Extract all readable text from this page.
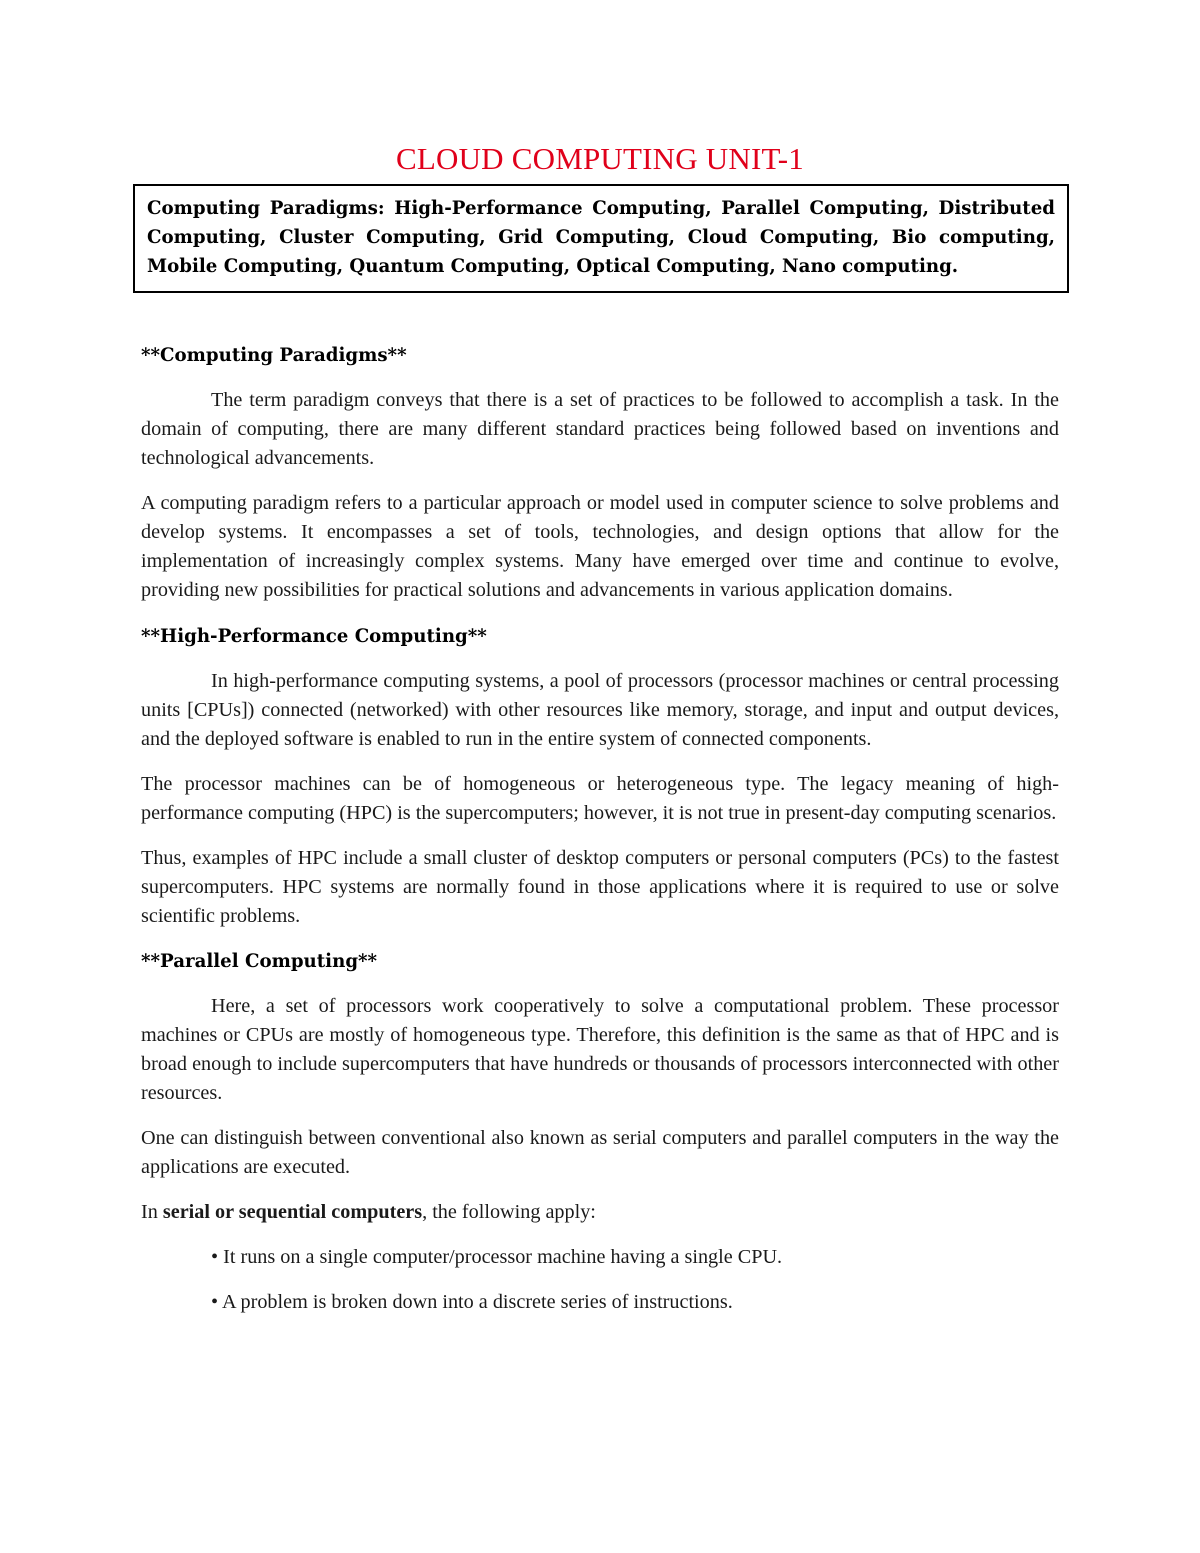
CLOUD COMPUTING UNIT-1
Computing Paradigms: High-Performance Computing, Parallel Computing, Distributed Computing, Cluster Computing, Grid Computing, Cloud Computing, Bio computing, Mobile Computing, Quantum Computing, Optical Computing, Nano computing.

**Computing Paradigms**

The term paradigm conveys that there is a set of practices to be followed to accomplish a task. In the domain of computing, there are many different standard practices being followed based on inventions and technological advancements.

A computing paradigm refers to a particular approach or model used in computer science to solve problems and develop systems. It encompasses a set of tools, technologies, and design options that allow for the implementation of increasingly complex systems. Many have emerged over time and continue to evolve, providing new possibilities for practical solutions and advancements in various application domains.

**High-Performance Computing**

In high-performance computing systems, a pool of processors (processor machines or central processing units [CPUs]) connected (networked) with other resources like memory, storage, and input and output devices, and the deployed software is enabled to run in the entire system of connected components.

The processor machines can be of homogeneous or heterogeneous type. The legacy meaning of high-performance computing (HPC) is the supercomputers; however, it is not true in present-day computing scenarios.

Thus, examples of HPC include a small cluster of desktop computers or personal computers (PCs) to the fastest supercomputers. HPC systems are normally found in those applications where it is required to use or solve scientific problems.

**Parallel Computing**

Here, a set of processors work cooperatively to solve a computational problem. These processor machines or CPUs are mostly of homogeneous type. Therefore, this definition is the same as that of HPC and is broad enough to include supercomputers that have hundreds or thousands of processors interconnected with other resources.

One can distinguish between conventional also known as serial computers and parallel computers in the way the applications are executed.

In serial or sequential computers, the following apply:

• It runs on a single computer/processor machine having a single CPU.

• A problem is broken down into a discrete series of instructions.
